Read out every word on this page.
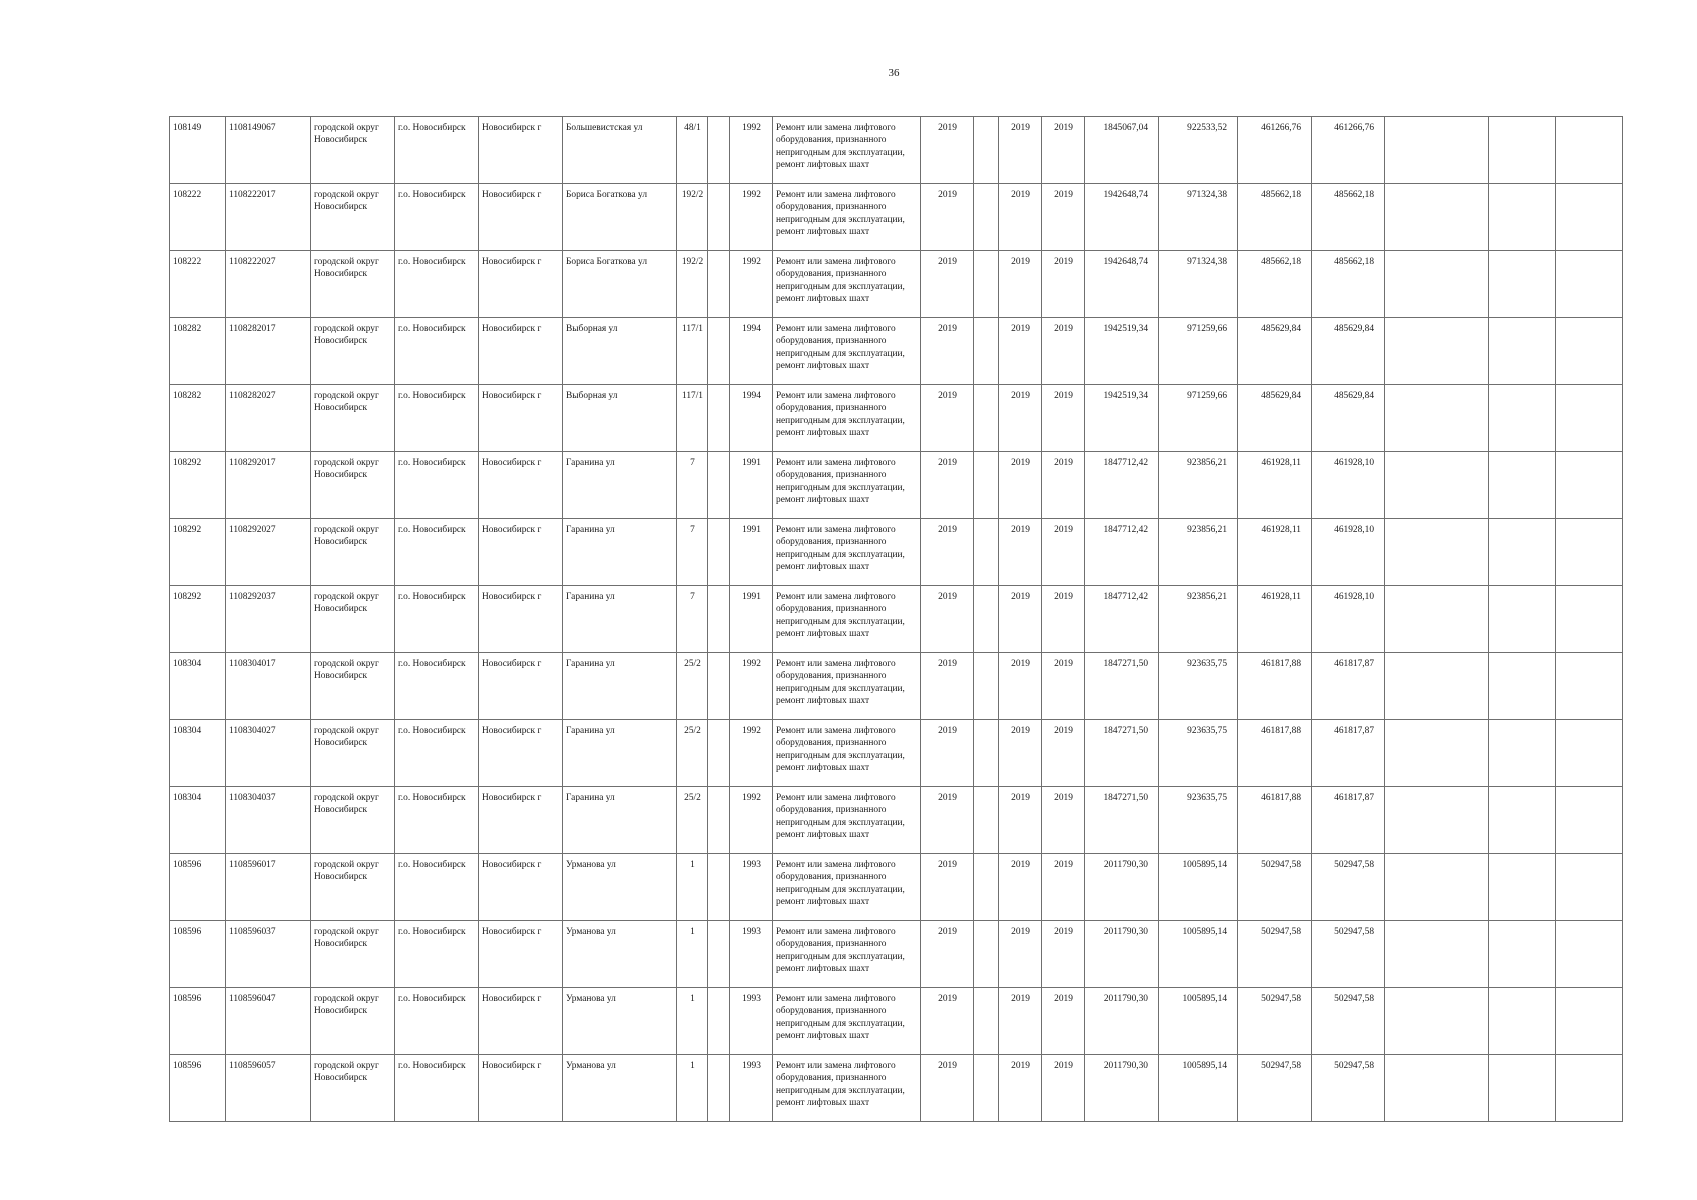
36
108149	1108149067	городской округ Новосибирск	г.о. Новосибирск	Новосибирск г	Большевистская ул	48/1		1992	Ремонт или замена лифтового оборудования, признанного непригодным для эксплуатации, ремонт лифтовых шахт	2019		2019	2019	1845067,04	922533,52	461266,76	461266,76			
108222	1108222017	городской округ Новосибирск	г.о. Новосибирск	Новосибирск г	Бориса Богаткова ул	192/2		1992	Ремонт или замена лифтового оборудования, признанного непригодным для эксплуатации, ремонт лифтовых шахт	2019		2019	2019	1942648,74	971324,38	485662,18	485662,18			
108222	1108222027	городской округ Новосибирск	г.о. Новосибирск	Новосибирск г	Бориса Богаткова ул	192/2		1992	Ремонт или замена лифтового оборудования, признанного непригодным для эксплуатации, ремонт лифтовых шахт	2019		2019	2019	1942648,74	971324,38	485662,18	485662,18			
108282	1108282017	городской округ Новосибирск	г.о. Новосибирск	Новосибирск г	Выборная ул	117/1		1994	Ремонт или замена лифтового оборудования, признанного непригодным для эксплуатации, ремонт лифтовых шахт	2019		2019	2019	1942519,34	971259,66	485629,84	485629,84			
108282	1108282027	городской округ Новосибирск	г.о. Новосибирск	Новосибирск г	Выборная ул	117/1		1994	Ремонт или замена лифтового оборудования, признанного непригодным для эксплуатации, ремонт лифтовых шахт	2019		2019	2019	1942519,34	971259,66	485629,84	485629,84			
108292	1108292017	городской округ Новосибирск	г.о. Новосибирск	Новосибирск г	Гаранина ул	7		1991	Ремонт или замена лифтового оборудования, признанного непригодным для эксплуатации, ремонт лифтовых шахт	2019		2019	2019	1847712,42	923856,21	461928,11	461928,10			
108292	1108292027	городской округ Новосибирск	г.о. Новосибирск	Новосибирск г	Гаранина ул	7		1991	Ремонт или замена лифтового оборудования, признанного непригодным для эксплуатации, ремонт лифтовых шахт	2019		2019	2019	1847712,42	923856,21	461928,11	461928,10			
108292	1108292037	городской округ Новосибирск	г.о. Новосибирск	Новосибирск г	Гаранина ул	7		1991	Ремонт или замена лифтового оборудования, признанного непригодным для эксплуатации, ремонт лифтовых шахт	2019		2019	2019	1847712,42	923856,21	461928,11	461928,10			
108304	1108304017	городской округ Новосибирск	г.о. Новосибирск	Новосибирск г	Гаранина ул	25/2		1992	Ремонт или замена лифтового оборудования, признанного непригодным для эксплуатации, ремонт лифтовых шахт	2019		2019	2019	1847271,50	923635,75	461817,88	461817,87			
108304	1108304027	городской округ Новосибирск	г.о. Новосибирск	Новосибирск г	Гаранина ул	25/2		1992	Ремонт или замена лифтового оборудования, признанного непригодным для эксплуатации, ремонт лифтовых шахт	2019		2019	2019	1847271,50	923635,75	461817,88	461817,87			
108304	1108304037	городской округ Новосибирск	г.о. Новосибирск	Новосибирск г	Гаранина ул	25/2		1992	Ремонт или замена лифтового оборудования, признанного непригодным для эксплуатации, ремонт лифтовых шахт	2019		2019	2019	1847271,50	923635,75	461817,88	461817,87			
108596	1108596017	городской округ Новосибирск	г.о. Новосибирск	Новосибирск г	Урманова ул	1		1993	Ремонт или замена лифтового оборудования, признанного непригодным для эксплуатации, ремонт лифтовых шахт	2019		2019	2019	2011790,30	1005895,14	502947,58	502947,58			
108596	1108596037	городской округ Новосибирск	г.о. Новосибирск	Новосибирск г	Урманова ул	1		1993	Ремонт или замена лифтового оборудования, признанного непригодным для эксплуатации, ремонт лифтовых шахт	2019		2019	2019	2011790,30	1005895,14	502947,58	502947,58			
108596	1108596047	городской округ Новосибирск	г.о. Новосибирск	Новосибирск г	Урманова ул	1		1993	Ремонт или замена лифтового оборудования, признанного непригодным для эксплуатации, ремонт лифтовых шахт	2019		2019	2019	2011790,30	1005895,14	502947,58	502947,58			
108596	1108596057	городской округ Новосибирск	г.о. Новосибирск	Новосибирск г	Урманова ул	1		1993	Ремонт или замена лифтового оборудования, признанного непригодным для эксплуатации, ремонт лифтовых шахт	2019		2019	2019	2011790,30	1005895,14	502947,58	502947,58			
